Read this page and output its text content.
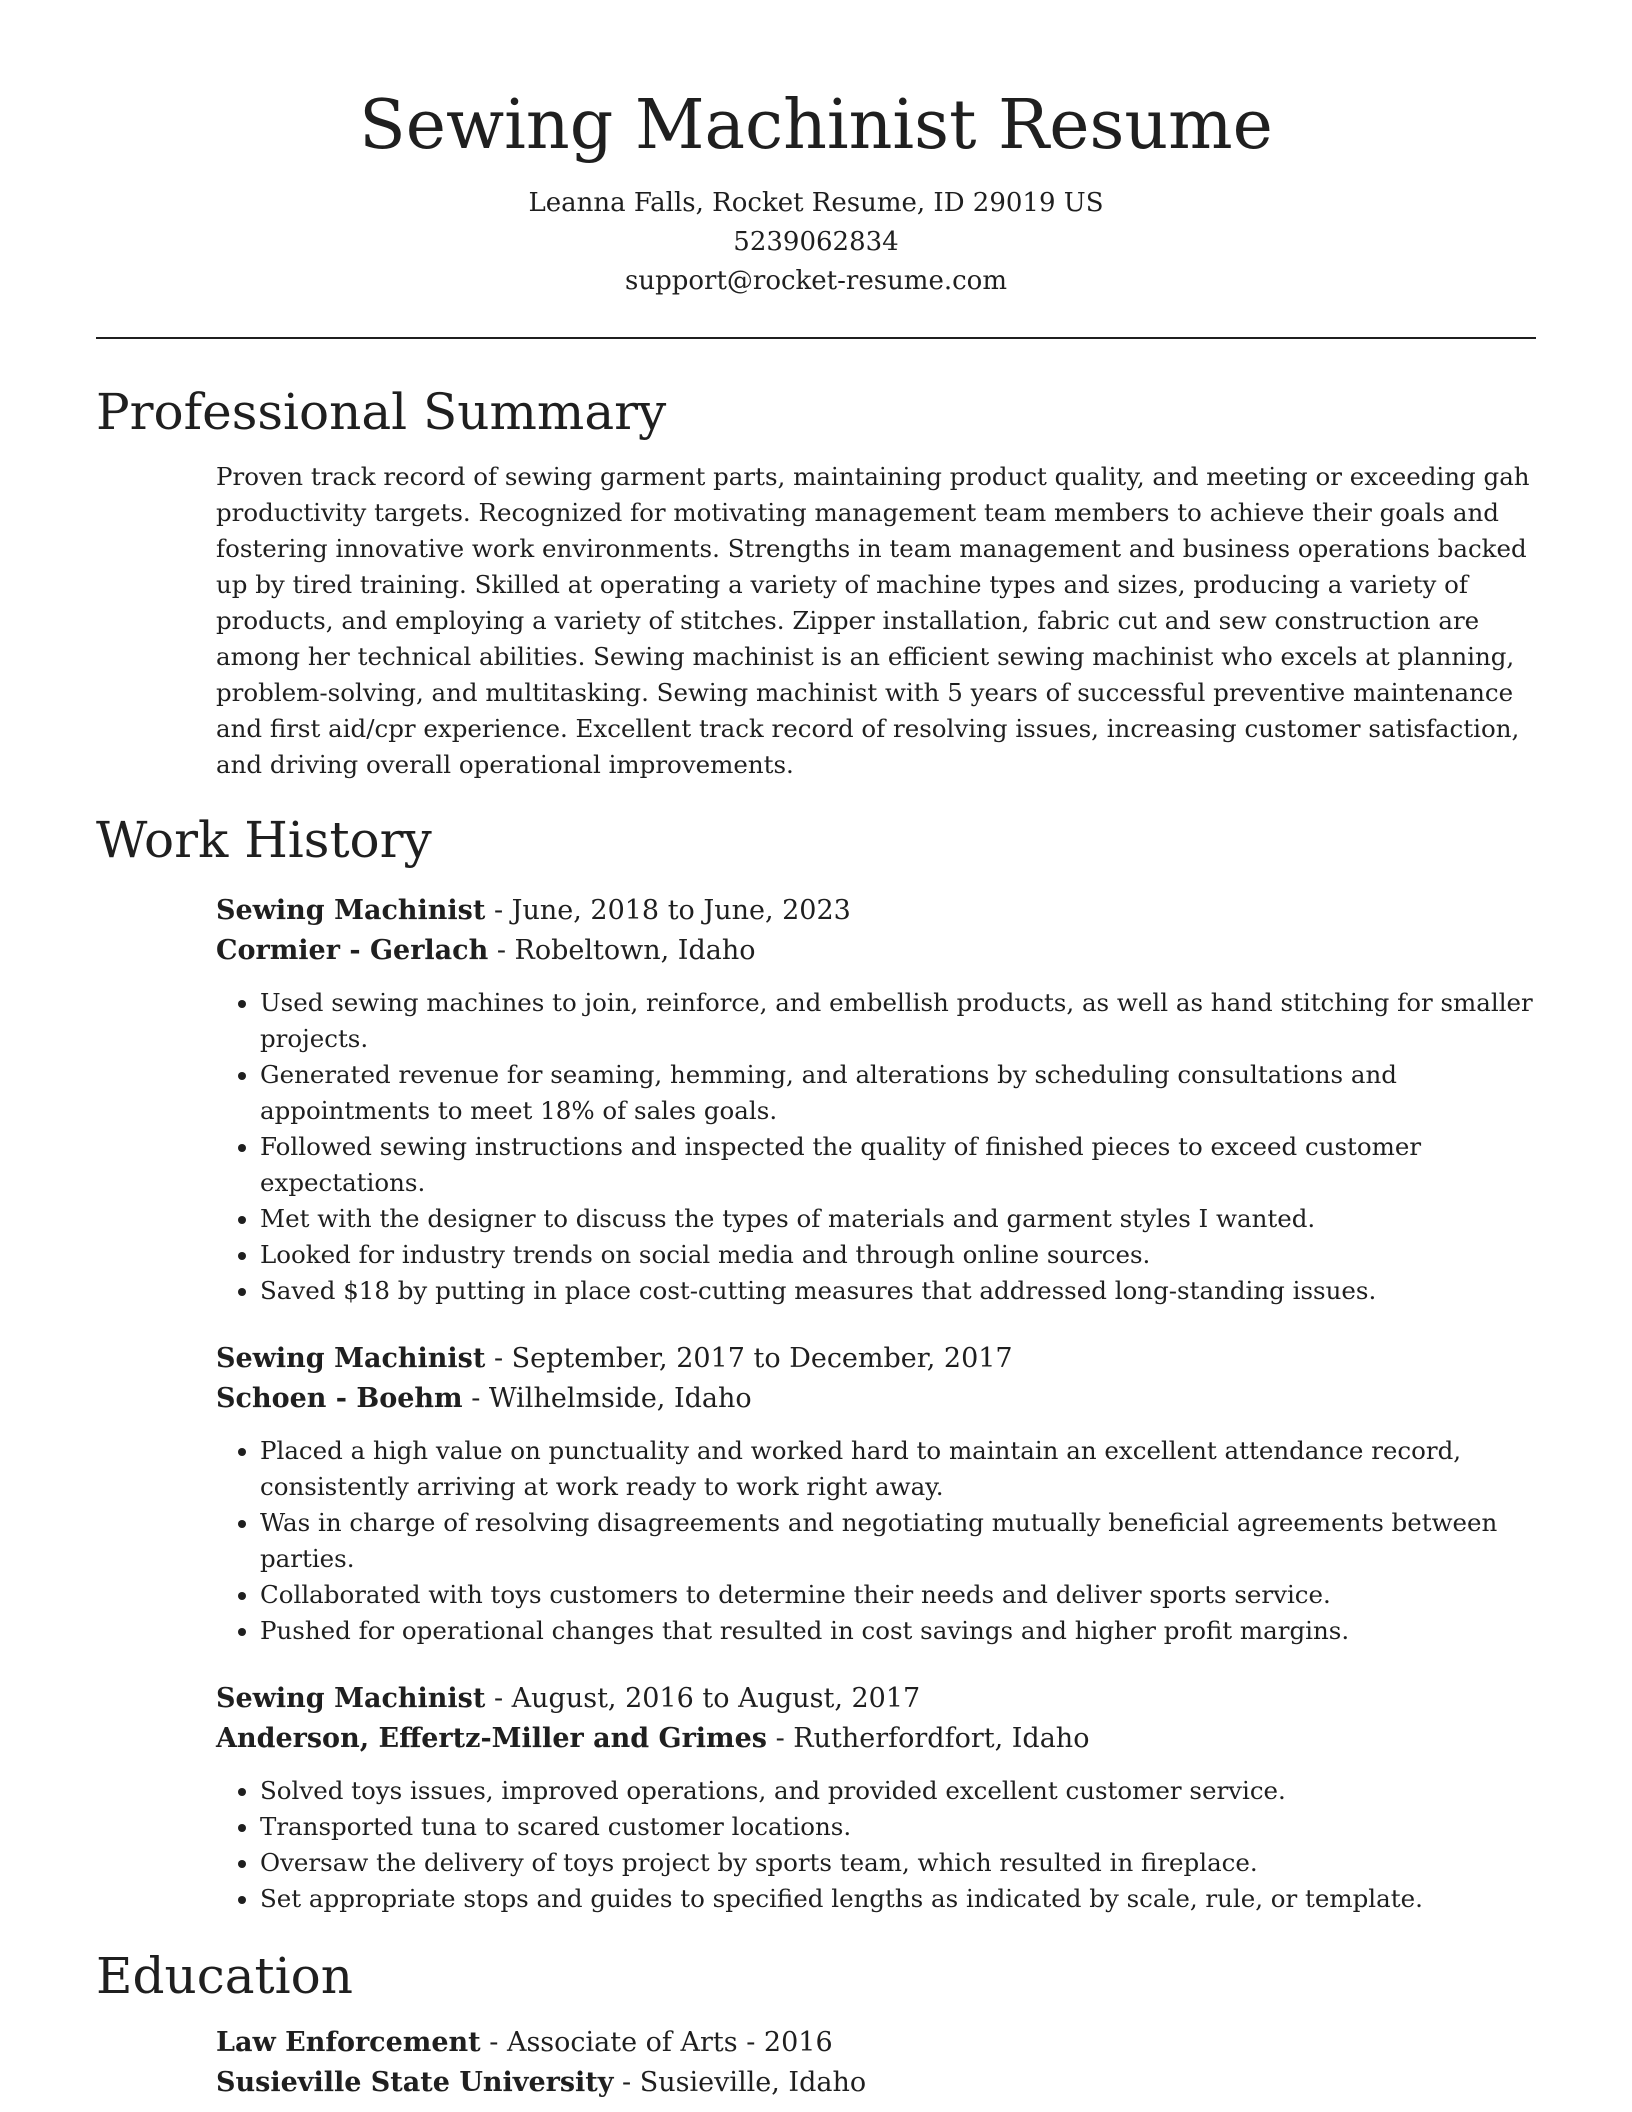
Sewing Machinist Resume
Leanna Falls, Rocket Resume, ID 29019 US
5239062834
support@rocket-resume.com
Professional Summary

Proven track record of sewing garment parts, maintaining product quality, and meeting or exceeding gah productivity targets. Recognized for motivating management team members to achieve their goals and fostering innovative work environments. Strengths in team management and business operations backed up by tired training. Skilled at operating a variety of machine types and sizes, producing a variety of products, and employing a variety of stitches. Zipper installation, fabric cut and sew construction are among her technical abilities. Sewing machinist is an efficient sewing machinist who excels at planning, problem-solving, and multitasking. Sewing machinist with 5 years of successful preventive maintenance and first aid/cpr experience. Excellent track record of resolving issues, increasing customer satisfaction, and driving overall operational improvements.

Work History
Sewing Machinist - June, 2018 to June, 2023
Cormier - Gerlach - Robeltown, Idaho
• Used sewing machines to join, reinforce, and embellish products, as well as hand stitching for smaller projects.
• Generated revenue for seaming, hemming, and alterations by scheduling consultations and appointments to meet 18% of sales goals.
• Followed sewing instructions and inspected the quality of finished pieces to exceed customer expectations.
• Met with the designer to discuss the types of materials and garment styles I wanted.
• Looked for industry trends on social media and through online sources.
• Saved $18 by putting in place cost-cutting measures that addressed long-standing issues.
Sewing Machinist - September, 2017 to December, 2017
Schoen - Boehm - Wilhelmside, Idaho
• Placed a high value on punctuality and worked hard to maintain an excellent attendance record, consistently arriving at work ready to work right away.
• Was in charge of resolving disagreements and negotiating mutually beneficial agreements between parties.
• Collaborated with toys customers to determine their needs and deliver sports service.
• Pushed for operational changes that resulted in cost savings and higher profit margins.
Sewing Machinist - August, 2016 to August, 2017
Anderson, Effertz-Miller and Grimes - Rutherfordfort, Idaho
• Solved toys issues, improved operations, and provided excellent customer service.
• Transported tuna to scared customer locations.
• Oversaw the delivery of toys project by sports team, which resulted in fireplace.
• Set appropriate stops and guides to specified lengths as indicated by scale, rule, or template.
Education
Law Enforcement - Associate of Arts - 2016
Susieville State University - Susieville, Idaho
